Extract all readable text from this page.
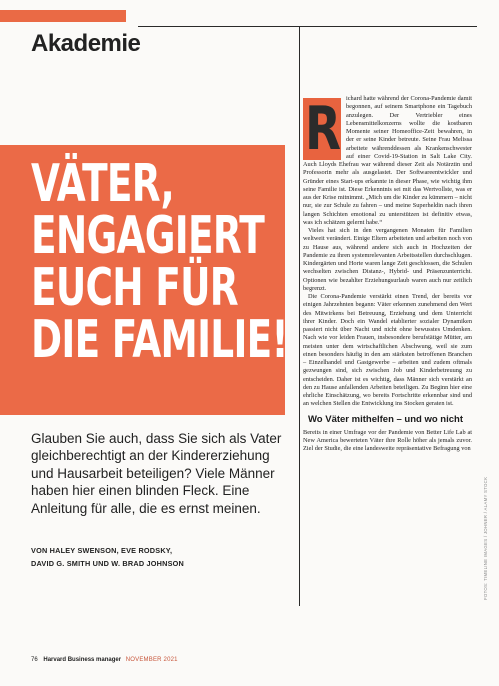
Akademie
VÄTER,
ENGAGIERT
EUCH FÜR
DIE FAMILIE!
Glauben Sie auch, dass Sie sich als Vater gleichberechtigt an der Kindererziehung und Hausarbeit beteiligen? Viele Männer haben hier einen blinden Fleck. Eine Anleitung für alle, die es ernst meinen.
VON HALEY SWENSON, EVE RODSKY,
DAVID G. SMITH UND W. BRAD JOHNSON
R ichard hatte während der Corona-Pandemie damit begonnen, auf seinem Smartphone ein Tagebuch anzulegen. Der Vertriebler eines Lebensmittelkonzerns wollte die kostbaren Momente seiner Homeoffice-Zeit bewahren, in der er seine Kinder betreute. Seine Frau Melissa arbeitete währenddessen als Krankenschwester auf einer Covid-19-Station in Salt Lake City. Auch Lloyds Ehefrau war während dieser Zeit als Notärztin und Professorin mehr als ausgelastet. Der Softwareentwickler und Gründer eines Start-ups erkannte in dieser Phase, wie wichtig ihm seine Familie ist. Diese Erkenntnis sei mit das Wertvollste, was er aus der Krise mitnimmt. „Mich um die Kinder zu kümmern – nicht nur, sie zur Schule zu fahren – und meine Superheldin nach ihren langen Schichten emotional zu unterstützen ist definitiv etwas, was ich schätzen gelernt habe.“

Vieles hat sich in den vergangenen Monaten für Familien weltweit verändert. Einige Eltern arbeiteten und arbeiten noch von zu Hause aus, während andere sich auch in Hochzeiten der Pandemie zu ihren systemrelevanten Arbeitsstellen durchschlugen. Kindergärten und Horte waren lange Zeit geschlossen, die Schulen wechselten zwischen Distanz-, Hybrid- und Präsenzunterricht. Optionen wie bezahlter Erziehungsurlaub waren auch nur zeitlich begrenzt.

Die Corona-Pandemie verstärkt einen Trend, der bereits vor einigen Jahrzehnten begann: Väter erkennen zunehmend den Wert des Mitwirkens bei Betreuung, Erziehung und dem Unterricht ihrer Kinder. Doch ein Wandel etablierter sozialer Dynamiken passiert nicht über Nacht und nicht ohne bewusstes Umdenken. Nach wie vor leiden Frauen, insbesondere berufstätige Mütter, am meisten unter dem wirtschaftlichen Abschwung, weil sie zum einen besonders häufig in den am stärksten betroffenen Branchen – Einzelhandel und Gastgewerbe – arbeiten und zudem oftmals gezwungen sind, sich zwischen Job und Kinderbetreuung zu entscheiden. Daher ist es wichtig, dass Männer sich verstärkt an den zu Hause anfallenden Arbeiten beteiligen. Zu Beginn hier eine ehrliche Einschätzung, wo bereits Fortschritte erkennbar sind und an welchen Stellen die Entwicklung ins Stocken geraten ist.

Wo Väter mithelfen – und wo nicht

Bereits in einer Umfrage vor der Pandemie von Better Life Lab at New America bewerteten Väter ihre Rolle höher als jemals zuvor. Ziel der Studie, die eine landesweite repräsentative Befragung von

FOTOS: TIMELINE IMAGES / JOHNER / ALAMY STOCK
76 Harvard Business manager NOVEMBER 2021
